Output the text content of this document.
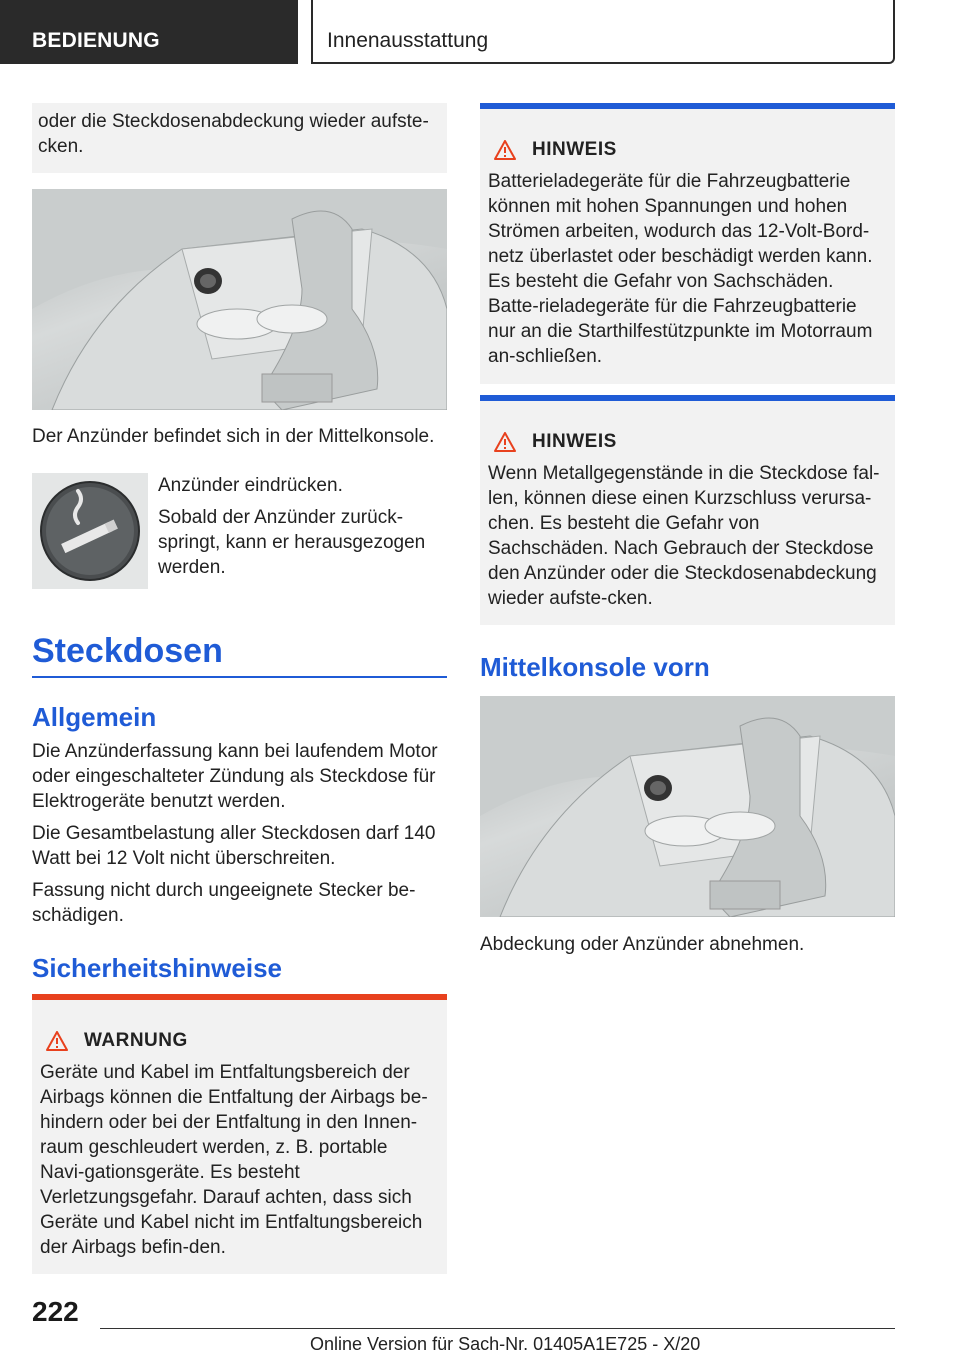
BEDIENUNG	Innenausstattung

oder die Steckdosenabdeckung wieder aufste-cken.

Der Anzünder befindet sich in der Mittelkonsole.

Anzünder eindrücken.

Sobald der Anzünder zurück-springt, kann er herausgezogen werden.

Steckdosen
Allgemein

Die Anzünderfassung kann bei laufendem Motor oder eingeschalteter Zündung als Steckdose für Elektrogeräte benutzt werden.

Die Gesamtbelastung aller Steckdosen darf 140 Watt bei 12 Volt nicht überschreiten.

Fassung nicht durch ungeeignete Stecker be-schädigen.

Sicherheitshinweise
WARNUNG

Geräte und Kabel im Entfaltungsbereich der Airbags können die Entfaltung der Airbags be-hindern oder bei der Entfaltung in den Innen-raum geschleudert werden, z. B. portable Navi-gationsgeräte. Es besteht Verletzungsgefahr. Darauf achten, dass sich Geräte und Kabel nicht im Entfaltungsbereich der Airbags befin-den.

HINWEIS

Batterieladegeräte für die Fahrzeugbatterie können mit hohen Spannungen und hohen Strömen arbeiten, wodurch das 12-Volt-Bord-netz überlastet oder beschädigt werden kann. Es besteht die Gefahr von Sachschäden. Batte-rieladegeräte für die Fahrzeugbatterie nur an die Starthilfestützpunkte im Motorraum an-schließen.

HINWEIS

Wenn Metallgegenstände in die Steckdose fal-len, können diese einen Kurzschluss verursa-chen. Es besteht die Gefahr von Sachschäden. Nach Gebrauch der Steckdose den Anzünder oder die Steckdosenabdeckung wieder aufste-cken.

Mittelkonsole vorn

Abdeckung oder Anzünder abnehmen.

222
Online Version für Sach-Nr. 01405A1E725 - X/20
